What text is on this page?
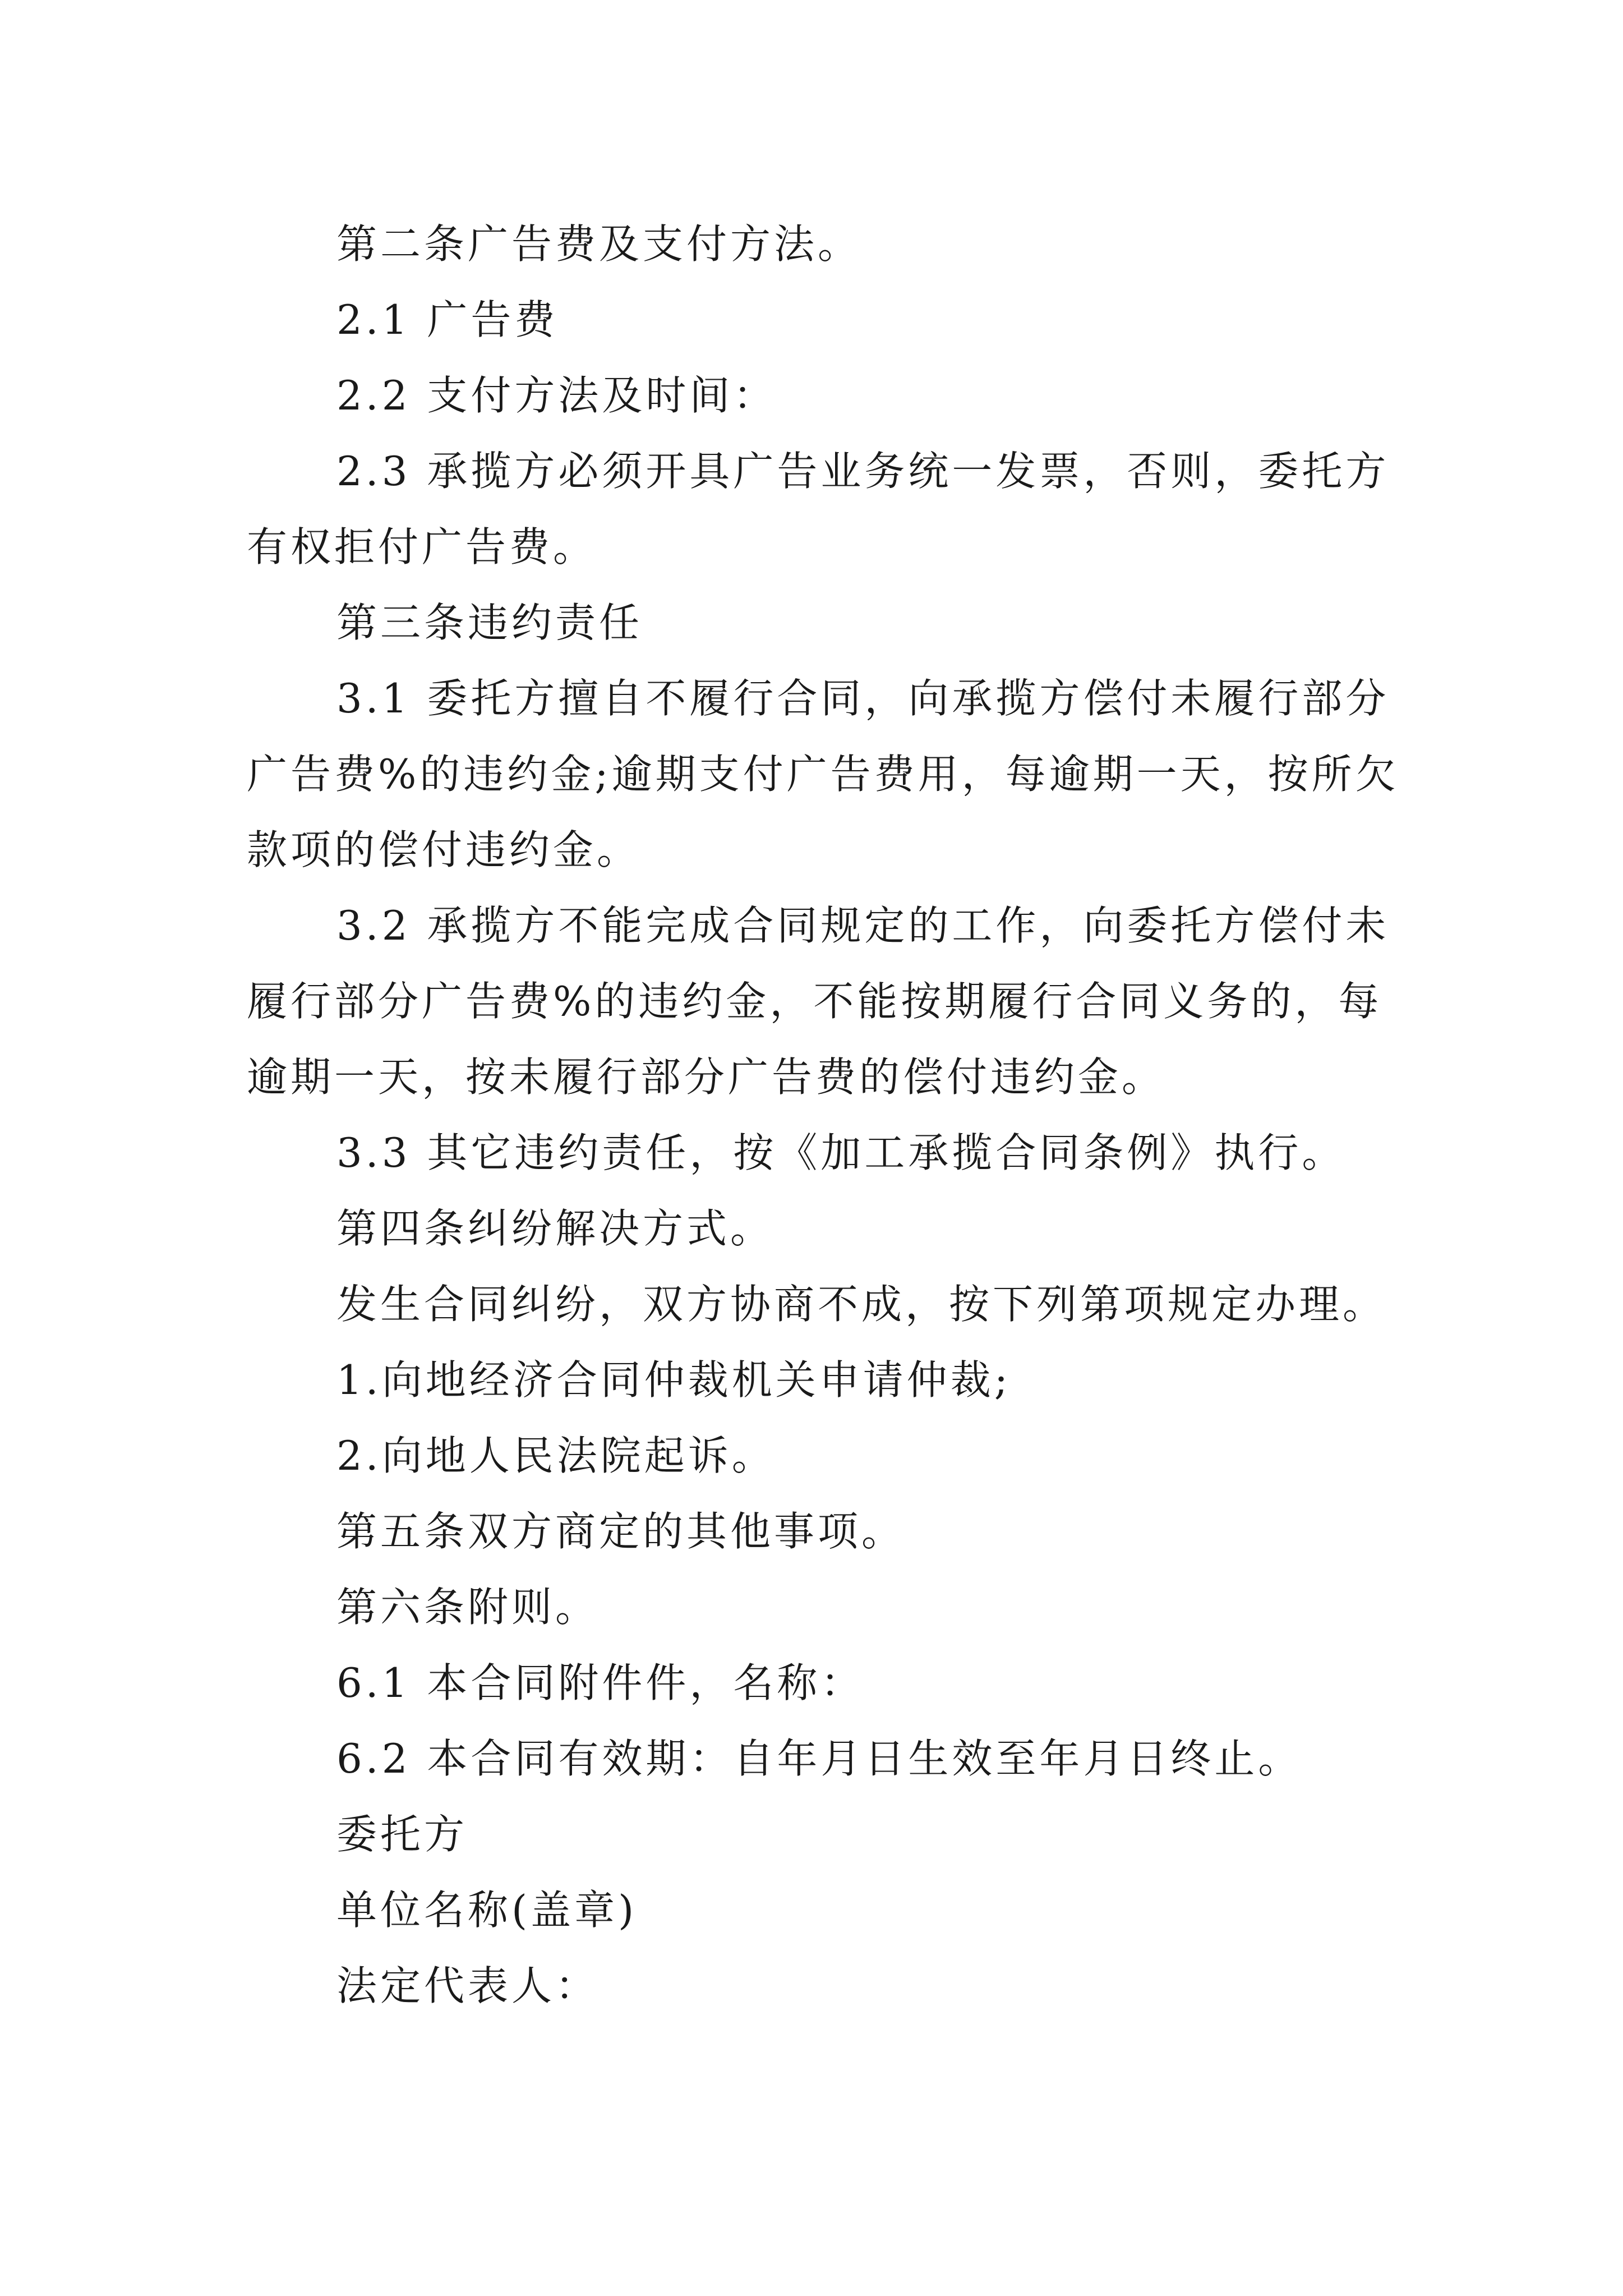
第二条广告费及支付方法。
2.1 广告费
2.2 支付方法及时间：
2.3 承揽方必须开具广告业务统一发票，否则，委托方
有权拒付广告费。
第三条违约责任
3.1 委托方擅自不履行合同，向承揽方偿付未履行部分
广告费%的违约金;逾期支付广告费用，每逾期一天，按所欠
款项的偿付违约金。
3.2 承揽方不能完成合同规定的工作，向委托方偿付未
履行部分广告费%的违约金，不能按期履行合同义务的，每
逾期一天，按未履行部分广告费的偿付违约金。
3.3 其它违约责任，按《加工承揽合同条例》执行。
第四条纠纷解决方式。
发生合同纠纷，双方协商不成，按下列第项规定办理。
1.向地经济合同仲裁机关申请仲裁;
2.向地人民法院起诉。
第五条双方商定的其他事项。
第六条附则。
6.1 本合同附件件，名称：
6.2 本合同有效期：自年月日生效至年月日终止。
委托方
单位名称(盖章)
法定代表人：
